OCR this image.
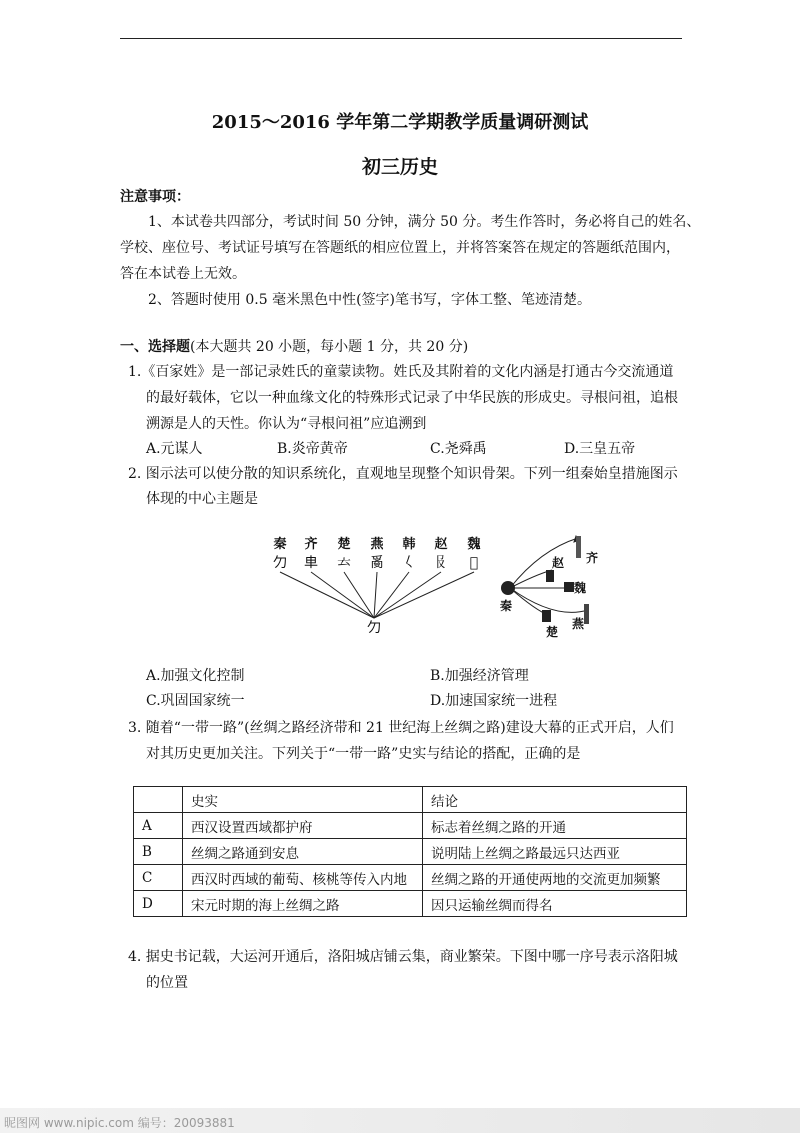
2015～2016 学年第二学期教学质量调研测试
初三历史
注意事项：
1、本试卷共四部分，考试时间 50 分钟，满分 50 分。考生作答时，务必将自己的姓名、
学校、座位号、考试证号填写在答题纸的相应位置上，并将答案答在规定的答题纸范围内，
答在本试卷上无效。
2、答题时使用 0.5 毫米黑色中性(签字)笔书写，字体工整、笔迹清楚。
一、选择题(本大题共 20 小题，每小题 1 分，共 20 分)
1.《百家姓》是一部记录姓氏的童蒙读物。姓氏及其附着的文化内涵是打通古今交流通道
的最好载体，它以一种血缘文化的特殊形式记录了中华民族的形成史。寻根问祖，追根
溯源是人的天性。你认为“寻根问祖”应追溯到
A.元谋人	B.炎帝黄帝	C.尧舜禹	D.三皇五帝
2. 图示法可以使分散的知识系统化，直观地呈现整个知识骨架。下列一组秦始皇措施图示
体现的中心主题是
秦 齐 楚 燕 韩 赵 魏
𠚣 𠦆 𠫓 𤔔 𡿨 𠬝 𡘜
𠚣
齐
赵
魏
秦
楚
燕
A.加强文化控制	B.加强经济管理
C.巩固国家统一	D.加速国家统一进程
3. 随着“一带一路”(丝绸之路经济带和 21 世纪海上丝绸之路)建设大幕的正式开启，人们
对其历史更加关注。下列关于“一带一路”史实与结论的搭配，正确的是
	史实	结论
A	西汉设置西域都护府	标志着丝绸之路的开通
B	丝绸之路通到安息	说明陆上丝绸之路最远只达西亚
C	西汉时西域的葡萄、核桃等传入内地	丝绸之路的开通使两地的交流更加频繁
D	宋元时期的海上丝绸之路	因只运输丝绸而得名
4. 据史书记载，大运河开通后，洛阳城店铺云集，商业繁荣。下图中哪一序号表示洛阳城
的位置
昵图网 www.nipic.com 编号：20093881
